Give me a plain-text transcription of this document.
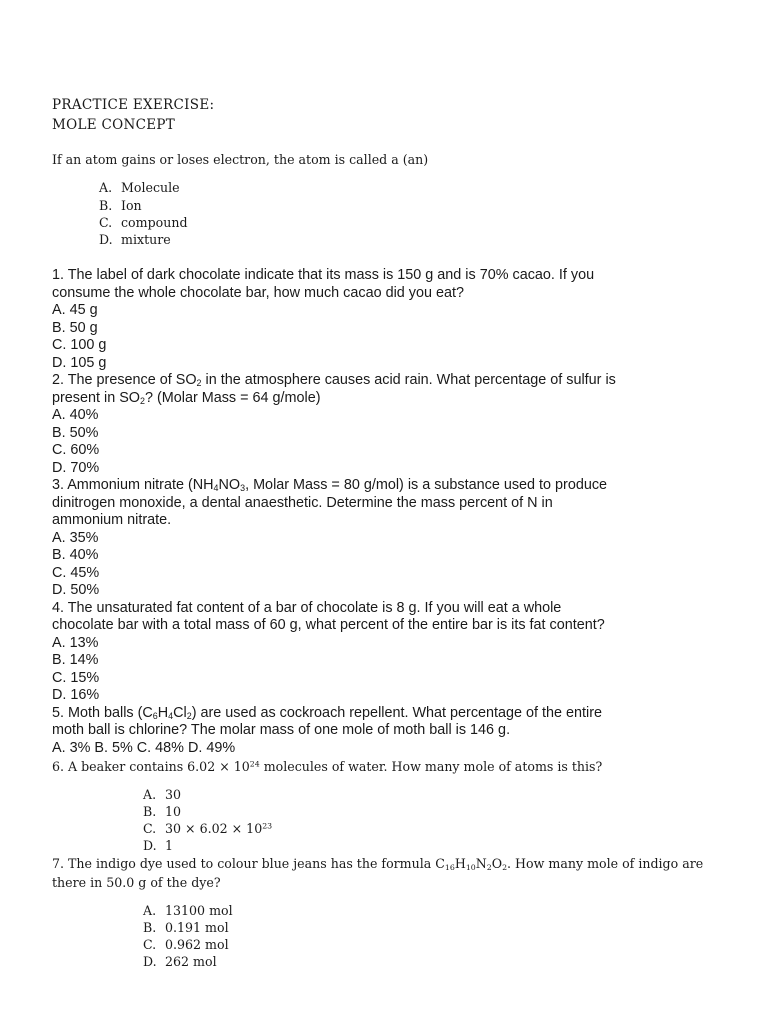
PRACTICE EXERCISE:
MOLE CONCEPT
If an atom gains or loses electron, the atom is called a (an)
A. Molecule
B. Ion
C. compound
D. mixture
1. The label of dark chocolate indicate that its mass is 150 g and is 70% cacao. If you
consume the whole chocolate bar, how much cacao did you eat?
A. 45 g
B. 50 g
C. 100 g
D. 105 g
2. The presence of $SO_2$ in the atmosphere causes acid rain. What percentage of sulfur is
present in $SO_2$? (Molar Mass = 64 g/mole)
A. 40%
B. 50%
C. 60%
D. 70%
3. Ammonium nitrate ($NH_4NO_3$, Molar Mass = 80 g/mol) is a substance used to produce
dinitrogen monoxide, a dental anaesthetic. Determine the mass percent of N in
ammonium nitrate.
A. 35%
B. 40%
C. 45%
D. 50%
4. The unsaturated fat content of a bar of chocolate is 8 g. If you will eat a whole
chocolate bar with a total mass of 60 g, what percent of the entire bar is its fat content?
A. 13%
B. 14%
C. 15%
D. 16%
5. Moth balls $(C_6H_4Cl_2)$ are used as cockroach repellent. What percentage of the entire
moth ball is chlorine? The molar mass of one mole of moth ball is 146 g.
A. 3% B. 5% C. 48% D. 49%
6. A beaker contains $6.02 \times 10^{24}$ molecules of water. How many mole of atoms is this?
A. 30
B. 10
C. $30 \times 6.02 \times 10^{23}$
D. 1
7. The indigo dye used to colour blue jeans has the formula $C_{16}H_{10}N_2O_2$. How many mole of indigo are
there in 50.0 g of the dye?
A. 13100 mol
B. 0.191 mol
C. 0.962 mol
D. 262 mol
